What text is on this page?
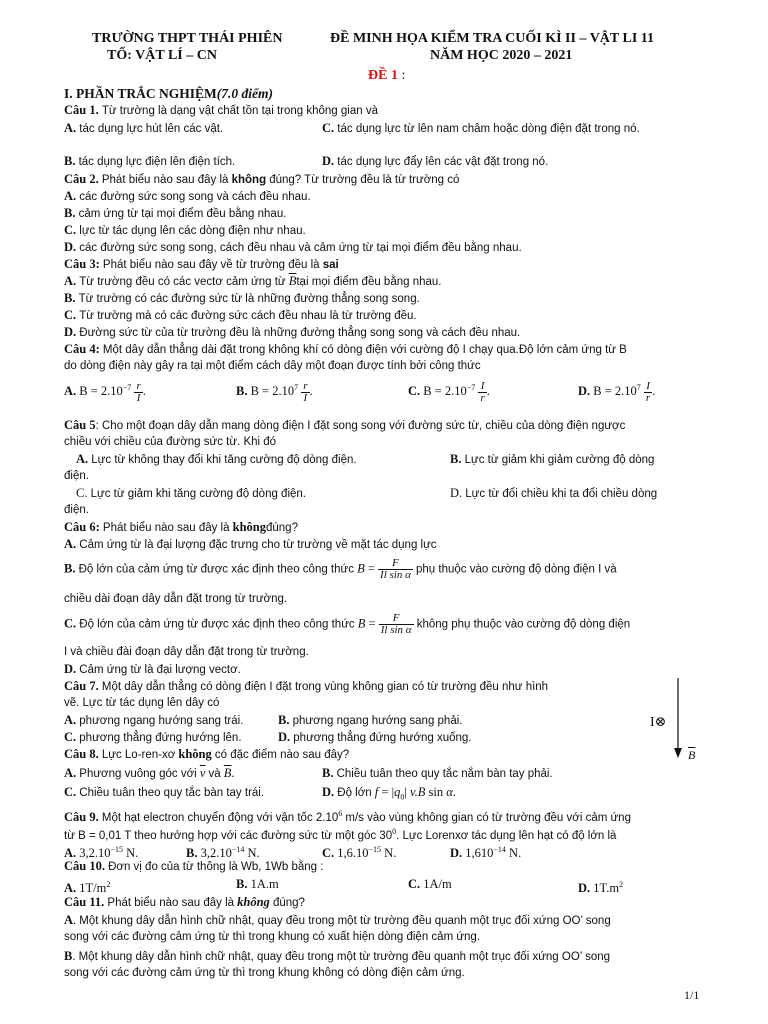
TRƯỜNG THPT THÁI PHIÊN
TỔ: VẬT LÍ – CN
ĐỀ MINH HỌA KIỂM TRA CUỐI KÌ II – VẬT LI 11
NĂM HỌC 2020 – 2021
ĐỀ 1 :
I. PHẦN TRẮC NGHIỆM(7.0 điểm)
Câu 1. Từ trường là dạng vật chất tồn tại trong không gian và
A. tác dụng lực hút lên các vật.	C. tác dụng lực từ lên nam châm hoặc dòng điện đặt trong nó.
B. tác dụng lực điện lên điện tích.	D. tác dụng lực đẩy lên các vật đặt trong nó.
Câu 2. Phát biểu nào sau đây là không đúng? Từ trường đều là từ trường có
A. các đường sức song song và cách đều nhau.
B. cảm ứng từ tại mọi điểm đều bằng nhau.
C. lực từ tác dụng lên các dòng điện như nhau.
D. các đường sức song song, cách đều nhau và cảm ứng từ tại mọi điểm đều bằng nhau.
Câu 3: Phát biểu nào sau đây về từ trường đều là sai
A. Từ trường đều có các vectơ cảm ứng từ $\overline{B}tại$ mọi điểm đều bằng nhau.
B. Từ trường có các đường sức từ là những đường thẳng song song.
C. Từ trường mà có các đường sức cách đều nhau là từ trường đều.
D. Đường sức từ của từ trường đều là những đường thẳng song song và cách đều nhau.
Câu 4: Một dây dẫn thẳng dài đặt trong không khí có dòng điện với cường độ I chạy qua.Độ lớn cảm ứng từ B
do dòng điện này gây ra tại một điểm cách dây một đoạn được tính bởi công thức
A. $B = 2.10^{-7} \frac{r}{I}$ .	B. $B = 2.10^7 \frac{r}{I}$ .	C. $B = 2.10^{-7} \frac{I}{r}$ .	D. $B = 2.10^7 \frac{I}{r}$ .
Câu 5: Cho một đoạn dây dẫn mang dòng điện I đặt song song với đường sức từ, chiều của dòng điện ngược
chiều với chiều của đường sức từ. Khi đó
A. Lực từ không thay đổi khi tăng cường độ dòng điện.	B. Lực từ giảm khi giảm cường độ dòng
điện.
C. Lực từ giảm khi tăng cường độ dòng điện.	D. Lực từ đổi chiều khi ta đổi chiều dòng
điện.
Câu 6: Phát biểu nào sau đây là khôngđúng?
A. Cảm ứng từ là đại lượng đặc trưng cho từ trường về mặt tác dụng lực
B. Độ lớn của cảm ứng từ được xác định theo công thức $B = \frac{F}{\text{Il sin α}}$ phụ thuộc vào cường độ dòng điện I và
chiều dài đoạn dây dẫn đặt trong từ trường.
C. Độ lớn của cảm ứng từ được xác định theo công thức $B = \frac{F}{\text{Il sin α}}$ không phụ thuộc vào cường độ dòng điện
I và chiều đài đoạn dây dẫn đặt trong từ trường.
D. Cảm ứng từ là đại lượng vectơ.
Câu 7. Một dây dẫn thẳng có dòng điện I đặt trong vùng không gian có từ trường đều như hình
vẽ. Lực từ tác dụng lên dây có
A. phương ngang hướng sang trái.	B. phương ngang hướng sang phải.
C. phương thẳng đứng hướng lên.	D. phương thẳng đứng hướng xuống.
I⊗
$\overline{B}$
Câu 8. Lực Lo-ren-xơ không có đặc điểm nào sau đây?
A. Phương vuông góc với $\overline{v}$ và $\overline{B}$.	B. Chiều tuân theo quy tắc nắm bàn tay phải.
C. Chiều tuân theo quy tắc bàn tay trái.	D. Độ lớn $f = |q_0|$ v.B sin α.
Câu 9. Một hạt electron chuyển động với vận tốc 2.10$^6$ m/s vào vùng không gian có từ trường đều với cảm ứng
từ B = 0,01 T theo hướng hợp với các đường sức từ một góc $30^0$. Lực Lorenxơ tác dụng lên hạt có độ lớn là
A. $3,2.10^{-15}$ N.	B. $3,2.10^{-14}$ N.	C. $1,6.10^{-15}$ N.	D. $1,610^{-14}$ N.
Câu 10. Đơn vị đo của từ thông là Wb, 1Wb bằng :
A. $1T/m^2$	B. 1A.m	C. 1A/m	D. $1T.m^2$
Câu 11. Phát biểu nào sau đây là không đúng?
A. Một khung dây dẫn hình chữ nhật, quay đều trong một từ trường đều quanh một trục đối xứng OO’ song
song với các đường cảm ứng từ thì trong khung có xuất hiện dòng điện cảm ứng.
B. Một khung dây dẫn hình chữ nhật, quay đều trong một từ trường đều quanh một trục đối xứng OO’ song
song với các đường cảm ứng từ thì trong khung không có dòng điện cảm ứng.
1/1
